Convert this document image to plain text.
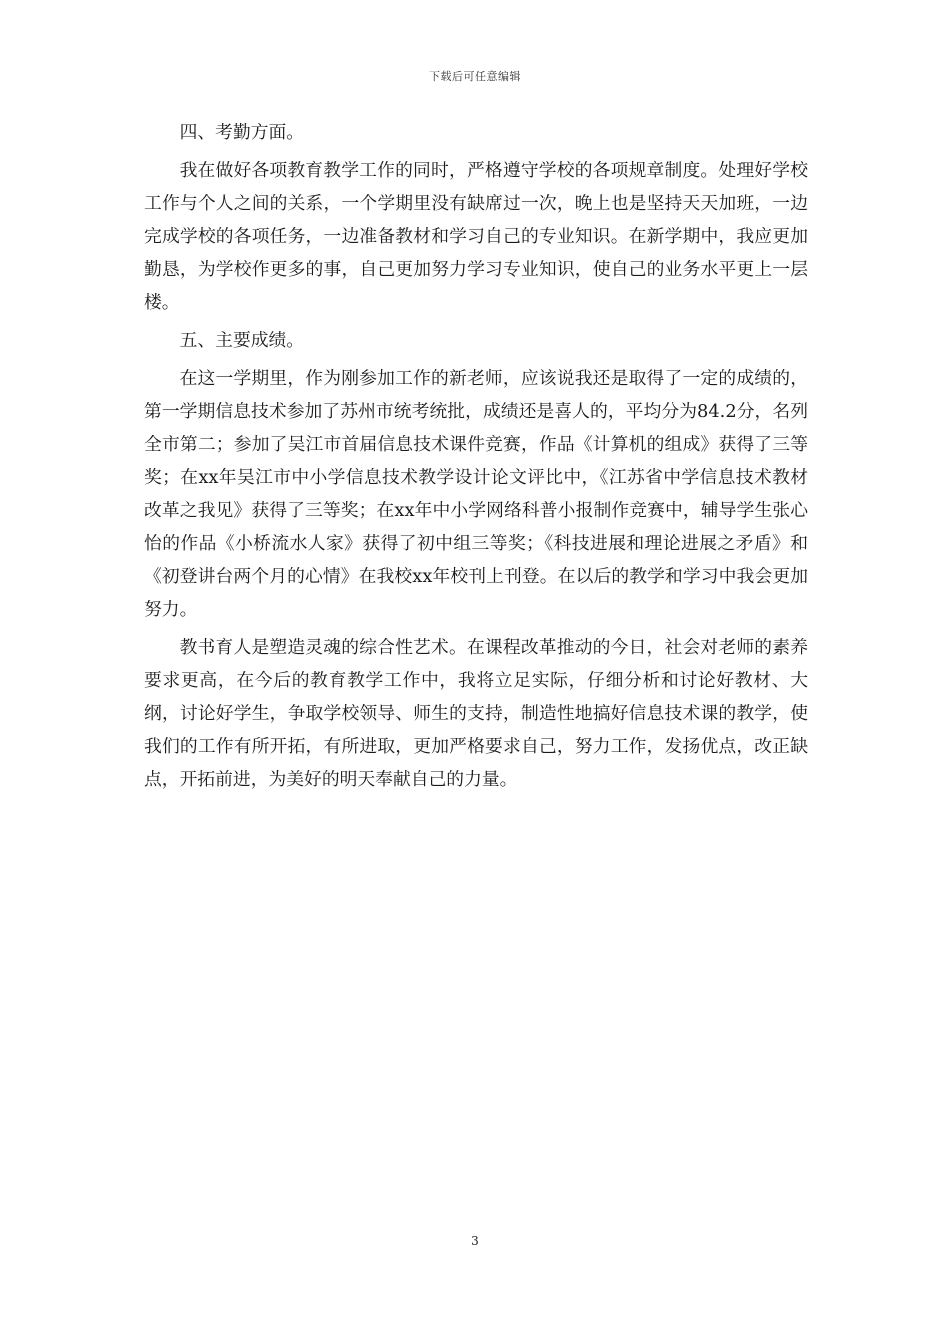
下载后可任意编辑

四、考勤方面。

我在做好各项教育教学工作的同时，严格遵守学校的各项规章制度。处理好学校工作与个人之间的关系，一个学期里没有缺席过一次，晚上也是坚持天天加班，一边完成学校的各项任务，一边准备教材和学习自己的专业知识。在新学期中，我应更加勤恳，为学校作更多的事，自己更加努力学习专业知识，使自己的业务水平更上一层楼。

五、主要成绩。

在这一学期里，作为刚参加工作的新老师，应该说我还是取得了一定的成绩的，第一学期信息技术参加了苏州市统考统批，成绩还是喜人的，平均分为84.2分，名列全市第二；参加了吴江市首届信息技术课件竞赛，作品《计算机的组成》获得了三等奖；在xx年吴江市中小学信息技术教学设计论文评比中，《江苏省中学信息技术教材改革之我见》获得了三等奖；在xx年中小学网络科普小报制作竞赛中，辅导学生张心怡的作品《小桥流水人家》获得了初中组三等奖；《科技进展和理论进展之矛盾》和《初登讲台两个月的心情》在我校xx年校刊上刊登。在以后的教学和学习中我会更加努力。

教书育人是塑造灵魂的综合性艺术。在课程改革推动的今日，社会对老师的素养要求更高，在今后的教育教学工作中，我将立足实际，仔细分析和讨论好教材、大纲，讨论好学生，争取学校领导、师生的支持，制造性地搞好信息技术课的教学，使我们的工作有所开拓，有所进取，更加严格要求自己，努力工作，发扬优点，改正缺点，开拓前进，为美好的明天奉献自己的力量。

3
